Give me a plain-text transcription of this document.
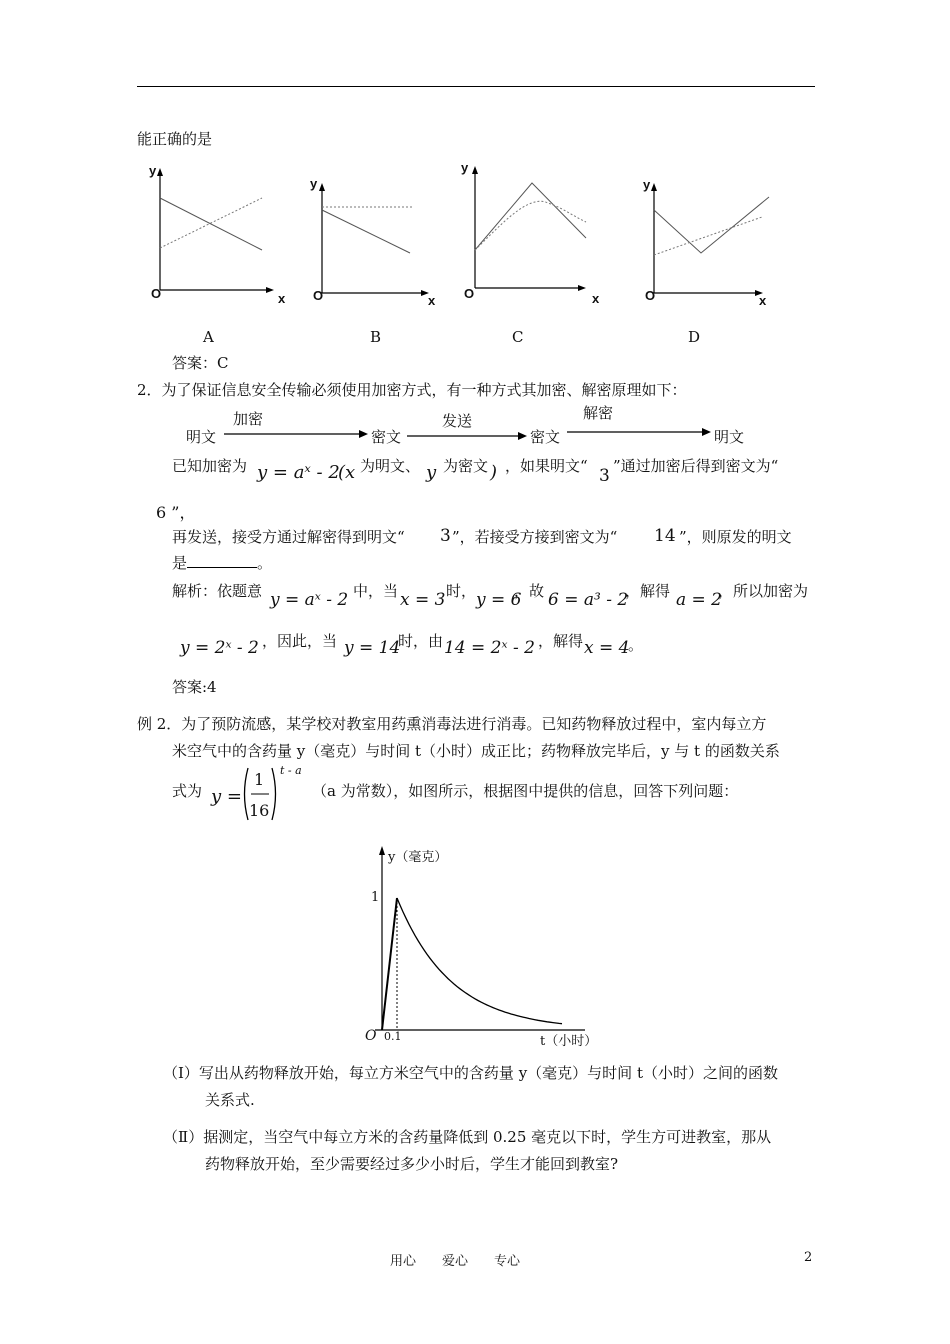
能正确的是
y
O	x
A
y
O	x
B
y
O	x
C
y
O	x
D
答案：C
2．为了保证信息安全传输必须使用加密方式，有一种方式其加密、解密原理如下：
明文
加密
密文
发送
密文
解密
明文
已知加密为 y = aˣ - 2
(x 为明文、 y 为密文 ) ，如果明文“ 3 ”通过加密后得到密文为“
6 ”，
再发送，接受方通过解密得到明文“ 3 ”，若接受方接到密文为“ 14 ”，则原发的明文
是	。
解析：依题意 y = aˣ - 2 中，当 x = 3 时， y = 6
，故 6 = a³ - 2
，解得 a = 2
，所以加密为
y = 2ˣ - 2 ，因此，当 y = 14
时，由 14 = 2ˣ - 2 ，解得 x = 4
。
答案:4
例 2．为了预防流感，某学校对教室用药熏消毒法进行消毒。已知药物释放过程中，室内每立方
米空气中的含药量 y（毫克）与时间 t（小时）成正比；药物释放完毕后，y 与 t 的函数关系
式为 y =
1
16
t - a
（a 为常数），如图所示，根据图中提供的信息，回答下列问题：
y（毫克）
1
O 0.1	t（小时）
（Ⅰ）写出从药物释放开始，每立方米空气中的含药量 y（毫克）与时间 t（小时）之间的函数
关系式.
（Ⅱ）据测定，当空气中每立方米的含药量降低到 0.25 毫克以下时，学生方可进教室，那从
药物释放开始，至少需要经过多少小时后，学生才能回到教室?
用心　　爱心　　专心	2
